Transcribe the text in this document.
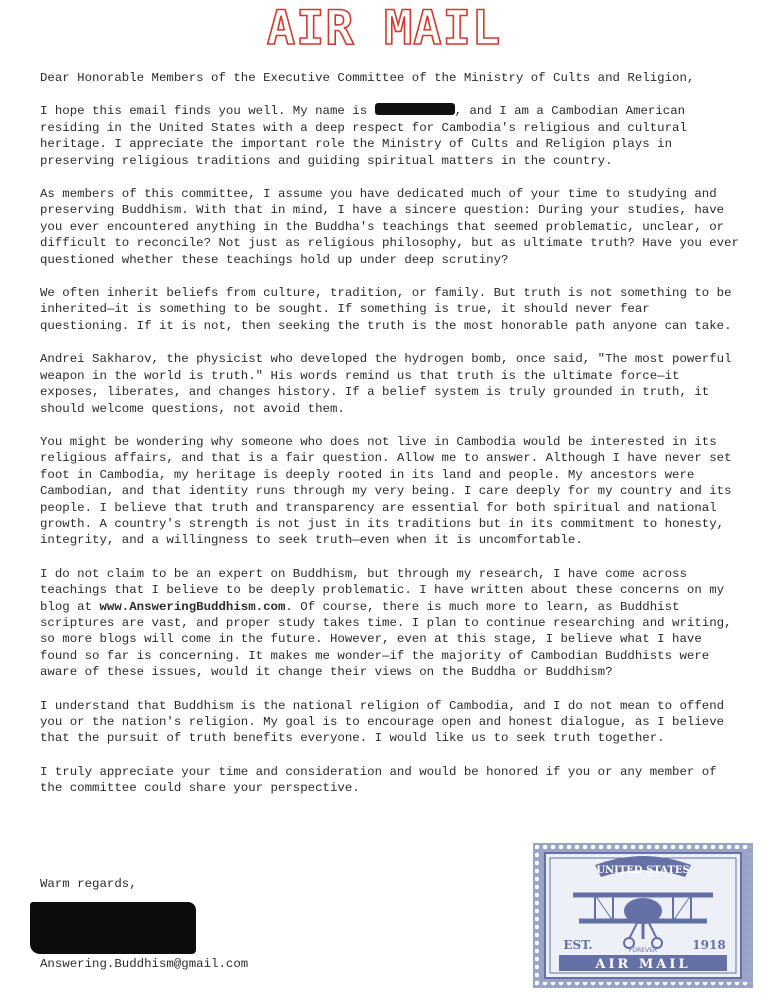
AIR MAIL

Dear Honorable Members of the Executive Committee of the Ministry of Cults and Religion,

I hope this email finds you well. My name is	, and I am a Cambodian American residing in the United States with a deep respect for Cambodia's religious and cultural heritage. I appreciate the important role the Ministry of Cults and Religion plays in preserving religious traditions and guiding spiritual matters in the country.

As members of this committee, I assume you have dedicated much of your time to studying and preserving Buddhism. With that in mind, I have a sincere question: During your studies, have you ever encountered anything in the Buddha's teachings that seemed problematic, unclear, or difficult to reconcile? Not just as religious philosophy, but as ultimate truth? Have you ever questioned whether these teachings hold up under deep scrutiny?

We often inherit beliefs from culture, tradition, or family. But truth is not something to be inherited—it is something to be sought. If something is true, it should never fear questioning. If it is not, then seeking the truth is the most honorable path anyone can take.

Andrei Sakharov, the physicist who developed the hydrogen bomb, once said, "The most powerful weapon in the world is truth." His words remind us that truth is the ultimate force—it exposes, liberates, and changes history. If a belief system is truly grounded in truth, it should welcome questions, not avoid them.

You might be wondering why someone who does not live in Cambodia would be interested in its religious affairs, and that is a fair question. Allow me to answer. Although I have never set foot in Cambodia, my heritage is deeply rooted in its land and people. My ancestors were Cambodian, and that identity runs through my very being. I care deeply for my country and its people. I believe that truth and transparency are essential for both spiritual and national growth. A country's strength is not just in its traditions but in its commitment to honesty, integrity, and a willingness to seek truth—even when it is uncomfortable.

I do not claim to be an expert on Buddhism, but through my research, I have come across teachings that I believe to be deeply problematic. I have written about these concerns on my blog at www.AnsweringBuddhism.com. Of course, there is much more to learn, as Buddhist scriptures are vast, and proper study takes time. I plan to continue researching and writing, so more blogs will come in the future. However, even at this stage, I believe what I have found so far is concerning. It makes me wonder—if the majority of Cambodian Buddhists were aware of these issues, would it change their views on the Buddha or Buddhism?

I understand that Buddhism is the national religion of Cambodia, and I do not mean to offend you or the nation's religion. My goal is to encourage open and honest dialogue, as I believe that the pursuit of truth benefits everyone. I would like us to seek truth together.

I truly appreciate your time and consideration and would be honored if you or any member of the committee could share your perspective.

Warm regards,
Answering.Buddhism@gmail.com
UNITED STATES
EST.	FOREVER	1918
AIR MAIL
